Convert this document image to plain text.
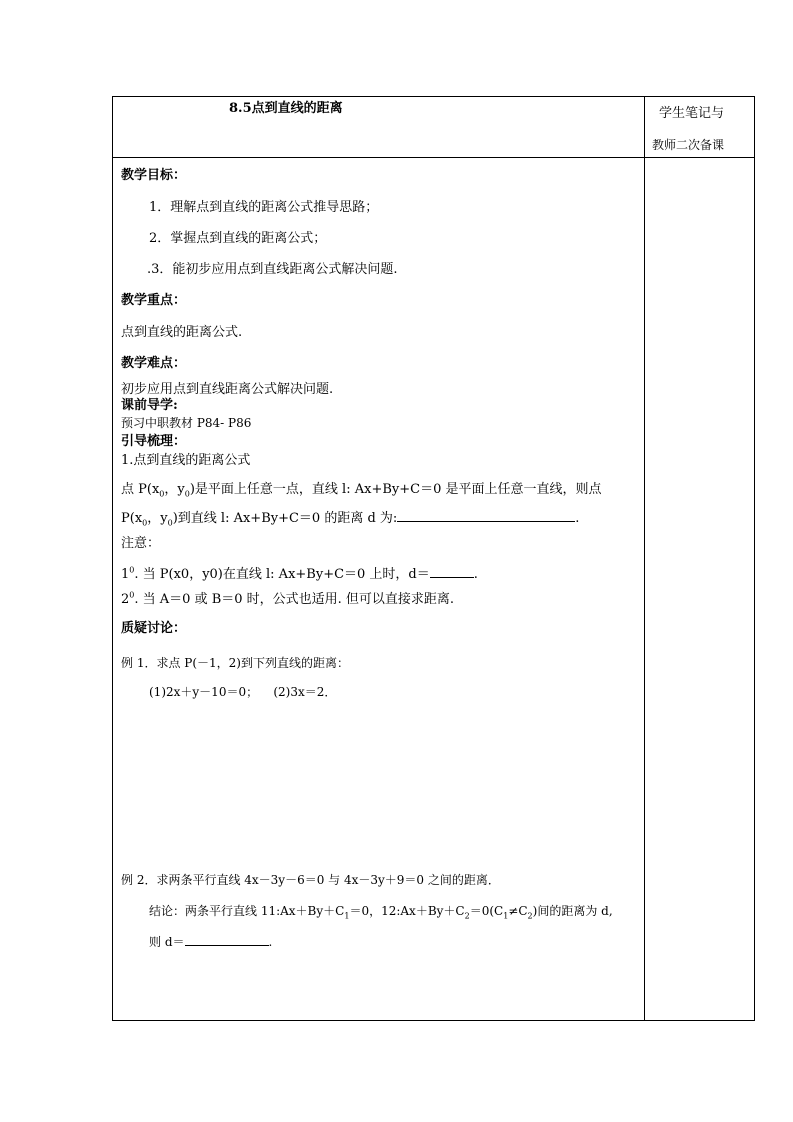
8.5点到直线的距离	学生笔记与
教师二次备课
教学目标：
1．理解点到直线的距离公式推导思路；
2．掌握点到直线的距离公式；
.3．能初步应用点到直线距离公式解决问题.
教学重点：
点到直线的距离公式.
教学难点：
初步应用点到直线距离公式解决问题.
课前导学:
预习中职教材 P84- P86
引导梳理：
1.点到直线的距离公式
点 $P(x_0$，$y_0$)是平面上任意一点，直线 l: Ax+By+C＝0 是平面上任意一直线，则点
$P(x_0$，$y_0$)到直线 l: Ax+By+C＝0 的距离 d 为:	.
注意：
$1^0$. 当 P(x0，y0)在直线 l: Ax+By+C＝0 上时，d＝	.
$2^0$. 当 A＝0 或 B＝0 时，公式也适用. 但可以直接求距离.
质疑讨论：
例 1．求点 P(－1，2)到下列直线的距离：
(1)2x＋y－10＝0；    (2)3x＝2．
例 2．求两条平行直线 4x－3y－6＝0 与 4x－3y＋9＝0 之间的距离．
结论：两条平行直线 $11:Ax+By+C_1=0$，$12:Ax+By+C_2=0(C_1\ne C_2)$间的距离为 d,
则 d＝	.
